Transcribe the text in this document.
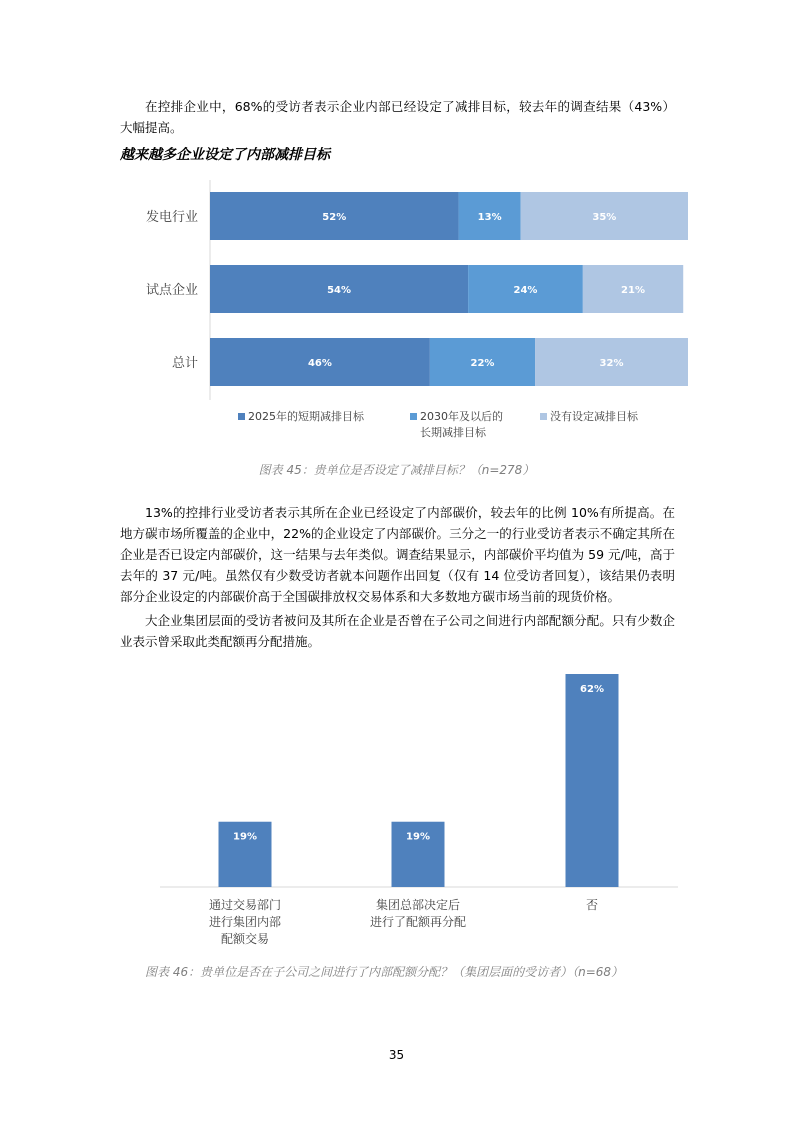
在控排企业中，68%的受访者表示企业内部已经设定了减排目标，较去年的调查结果（43%）大幅提高。

越来越多企业设定了内部减排目标

发电行业	52%	13%	35%
试点企业	54%	24%	21%
总计	46%	22%	32%
2025年的短期减排目标	2030年及以后的
长期减排目标
没有设定减排目标
图表 45：贵单位是否设定了减排目标？（n=278）

13%的控排行业受访者表示其所在企业已经设定了内部碳价，较去年的比例 10%有所提高。在地方碳市场所覆盖的企业中，22%的企业设定了内部碳价。三分之一的行业受访者表示不确定其所在企业是否已设定内部碳价，这一结果与去年类似。调查结果显示，内部碳价平均值为 59 元/吨，高于去年的 37 元/吨。虽然仅有少数受访者就本问题作出回复（仅有 14 位受访者回复），该结果仍表明部分企业设定的内部碳价高于全国碳排放权交易体系和大多数地方碳市场当前的现货价格。

大企业集团层面的受访者被问及其所在企业是否曾在子公司之间进行内部配额分配。只有少数企业表示曾采取此类配额再分配措施。

19%
通过交易部门
进行集团内部
配额交易
19%
集团总部决定后
进行了配额再分配
62%
否
图表 46：贵单位是否在子公司之间进行了内部配额分配？（集团层面的受访者）（n=68）
35
